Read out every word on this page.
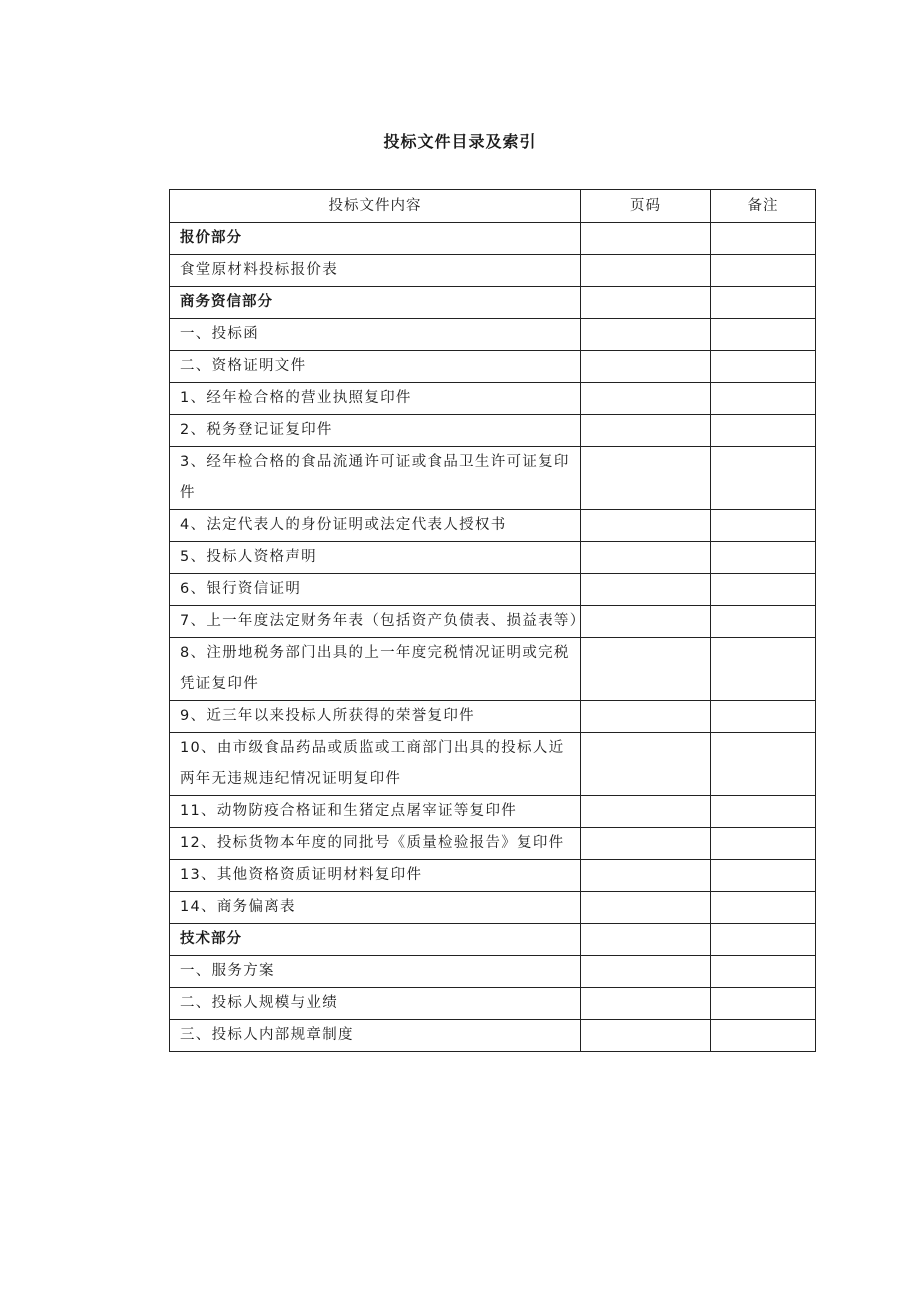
投标文件目录及索引
投标文件内容	页码	备注
报价部分		
食堂原材料投标报价表		
商务资信部分		
一、投标函		
二、资格证明文件		
1、经年检合格的营业执照复印件		
2、税务登记证复印件		
3、经年检合格的食品流通许可证或食品卫生许可证复印件		
4、法定代表人的身份证明或法定代表人授权书		
5、投标人资格声明		
6、银行资信证明		
7、上一年度法定财务年表（包括资产负债表、损益表等）		
8、注册地税务部门出具的上一年度完税情况证明或完税凭证复印件		
9、近三年以来投标人所获得的荣誉复印件		
10、由市级食品药品或质监或工商部门出具的投标人近两年无违规违纪情况证明复印件		
11、动物防疫合格证和生猪定点屠宰证等复印件		
12、投标货物本年度的同批号《质量检验报告》复印件		
13、其他资格资质证明材料复印件		
14、商务偏离表		
技术部分		
一、服务方案		
二、投标人规模与业绩		
三、投标人内部规章制度		
